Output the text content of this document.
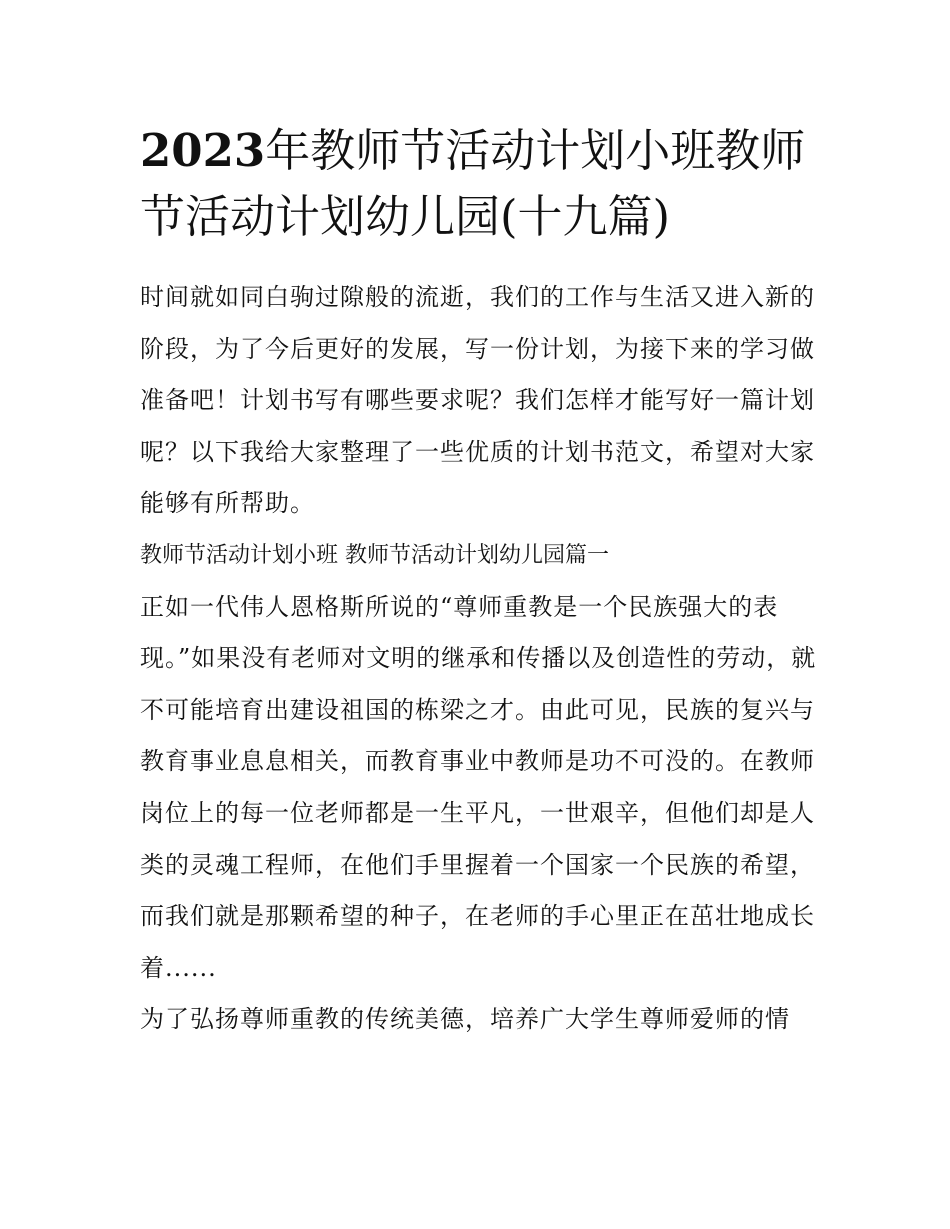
2023年教师节活动计划小班教师节活动计划幼儿园(十九篇)

时间就如同白驹过隙般的流逝，我们的工作与生活又进入新的阶段，为了今后更好的发展，写一份计划，为接下来的学习做准备吧！计划书写有哪些要求呢？我们怎样才能写好一篇计划呢？以下我给大家整理了一些优质的计划书范文，希望对大家能够有所帮助。

教师节活动计划小班 教师节活动计划幼儿园篇一

正如一代伟人恩格斯所说的“尊师重教是一个民族强大的表现。”如果没有老师对文明的继承和传播以及创造性的劳动，就不可能培育出建设祖国的栋梁之才。由此可见，民族的复兴与教育事业息息相关，而教育事业中教师是功不可没的。在教师岗位上的每一位老师都是一生平凡，一世艰辛，但他们却是人类的灵魂工程师，在他们手里握着一个国家一个民族的希望，而我们就是那颗希望的种子，在老师的手心里正在茁壮地成长着......

为了弘扬尊师重教的传统美德，培养广大学生尊师爱师的情
